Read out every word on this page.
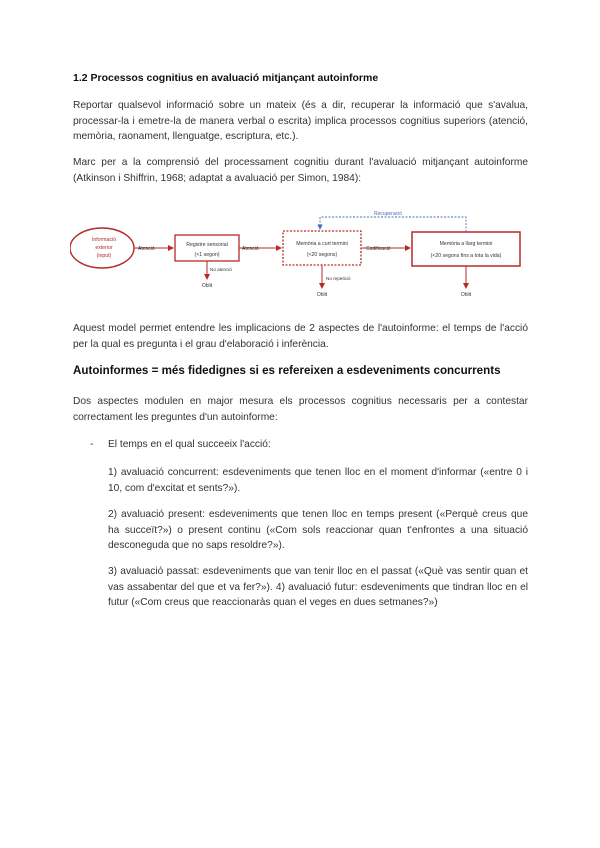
1.2 Processos cognitius en avaluació mitjançant autoinforme
Reportar qualsevol informació sobre un mateix (és a dir, recuperar la informació que s'avalua, processar-la i emetre-la de manera verbal o escrita) implica processos cognitius superiors (atenció, memòria, raonament, llenguatge, escriptura, etc.).
Marc per a la comprensió del processament cognitiu durant l'avaluació mitjançant autoinforme (Atkinson i Shiffrin, 1968; adaptat a avaluació per Simon, 1984):
Informació
exterior
(input)
Atenció
Registre sensorial
(<1 segon)
No atenció
Oblit
Atenció
Memòria a curt termini
(<20 segons)
No repetició
Oblit
Codificació
Memòria a llarg termini
(<20 segons fins a tota la vida)
Oblit
Recuperació
Aquest model permet entendre les implicacions de 2 aspectes de l'autoinforme: el temps de l'acció per la qual es pregunta i el grau d'elaboració i inferència.
Autoinformes = més fidedignes si es refereixen a esdeveniments concurrents
Dos aspectes modulen en major mesura els processos cognitius necessaris per a contestar correctament les preguntes d'un autoinforme:
- El temps en el qual succeeix l'acció:
1) avaluació concurrent: esdeveniments que tenen lloc en el moment d'informar («entre 0 i 10, com d'excitat et sents?»).
2) avaluació present: esdeveniments que tenen lloc en temps present («Perquè creus que ha succeït?») o present continu («Com sols reaccionar quan t'enfrontes a una situació desconeguda que no saps resoldre?»).
3) avaluació passat: esdeveniments que van tenir lloc en el passat («Què vas sentir quan et vas assabentar del que et va fer?»). 4) avaluació futur: esdeveniments que tindran lloc en el futur («Com creus que reaccionaràs quan el veges en dues setmanes?»)
